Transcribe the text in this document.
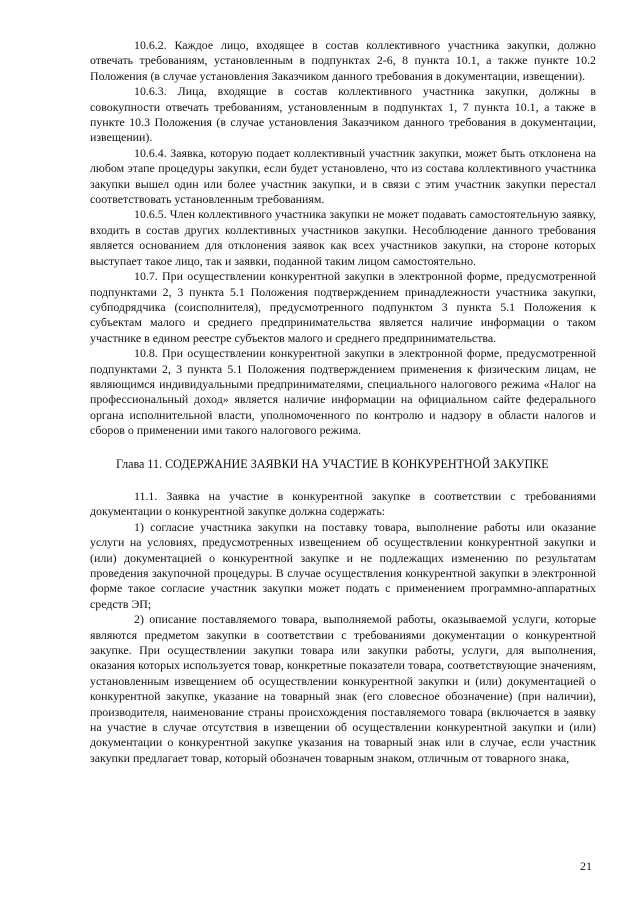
10.6.2. Каждое лицо, входящее в состав коллективного участника закупки, должно отвечать требованиям, установленным в подпунктах 2-6, 8 пункта 10.1, а также пункте 10.2 Положения (в случае установления Заказчиком данного требования в документации, извещении).

10.6.3. Лица, входящие в состав коллективного участника закупки, должны в совокупности отвечать требованиям, установленным в подпунктах 1, 7 пункта 10.1, а также в пункте 10.3 Положения (в случае установления Заказчиком данного требования в документации, извещении).

10.6.4. Заявка, которую подает коллективный участник закупки, может быть отклонена на любом этапе процедуры закупки, если будет установлено, что из состава коллективного участника закупки вышел один или более участник закупки, и в связи с этим участник закупки перестал соответствовать установленным требованиям.

10.6.5. Член коллективного участника закупки не может подавать самостоятельную заявку, входить в состав других коллективных участников закупки. Несоблюдение данного требования является основанием для отклонения заявок как всех участников закупки, на стороне которых выступает такое лицо, так и заявки, поданной таким лицом самостоятельно.

10.7. При осуществлении конкурентной закупки в электронной форме, предусмотренной подпунктами 2, 3 пункта 5.1 Положения подтверждением принадлежности участника закупки, субподрядчика (соисполнителя), предусмотренного подпунктом 3 пункта 5.1 Положения к субъектам малого и среднего предпринимательства является наличие информации о таком участнике в едином реестре субъектов малого и среднего предпринимательства.

10.8. При осуществлении конкурентной закупки в электронной форме, предусмотренной подпунктами 2, 3 пункта 5.1 Положения подтверждением применения к физическим лицам, не являющимся индивидуальными предпринимателями, специального налогового режима «Налог на профессиональный доход» является наличие информации на официальном сайте федерального органа исполнительной власти, уполномоченного по контролю и надзору в области налогов и сборов о применении ими такого налогового режима.

Глава 11. СОДЕРЖАНИЕ ЗАЯВКИ НА УЧАСТИЕ В КОНКУРЕНТНОЙ ЗАКУПКЕ

11.1. Заявка на участие в конкурентной закупке в соответствии с требованиями документации о конкурентной закупке должна содержать:

1) согласие участника закупки на поставку товара, выполнение работы или оказание услуги на условиях, предусмотренных извещением об осуществлении конкурентной закупки и (или) документацией о конкурентной закупке и не подлежащих изменению по результатам проведения закупочной процедуры. В случае осуществления конкурентной закупки в электронной форме такое согласие участник закупки может подать с применением программно-аппаратных средств ЭП;

2) описание поставляемого товара, выполняемой работы, оказываемой услуги, которые являются предметом закупки в соответствии с требованиями документации о конкурентной закупке. При осуществлении закупки товара или закупки работы, услуги, для выполнения, оказания которых используется товар, конкретные показатели товара, соответствующие значениям, установленным извещением об осуществлении конкурентной закупки и (или) документацией о конкурентной закупке, указание на товарный знак (его словесное обозначение) (при наличии), производителя, наименование страны происхождения поставляемого товара (включается в заявку на участие в случае отсутствия в извещении об осуществлении конкурентной закупки и (или) документации о конкурентной закупке указания на товарный знак или в случае, если участник закупки предлагает товар, который обозначен товарным знаком, отличным от товарного знака,

21
